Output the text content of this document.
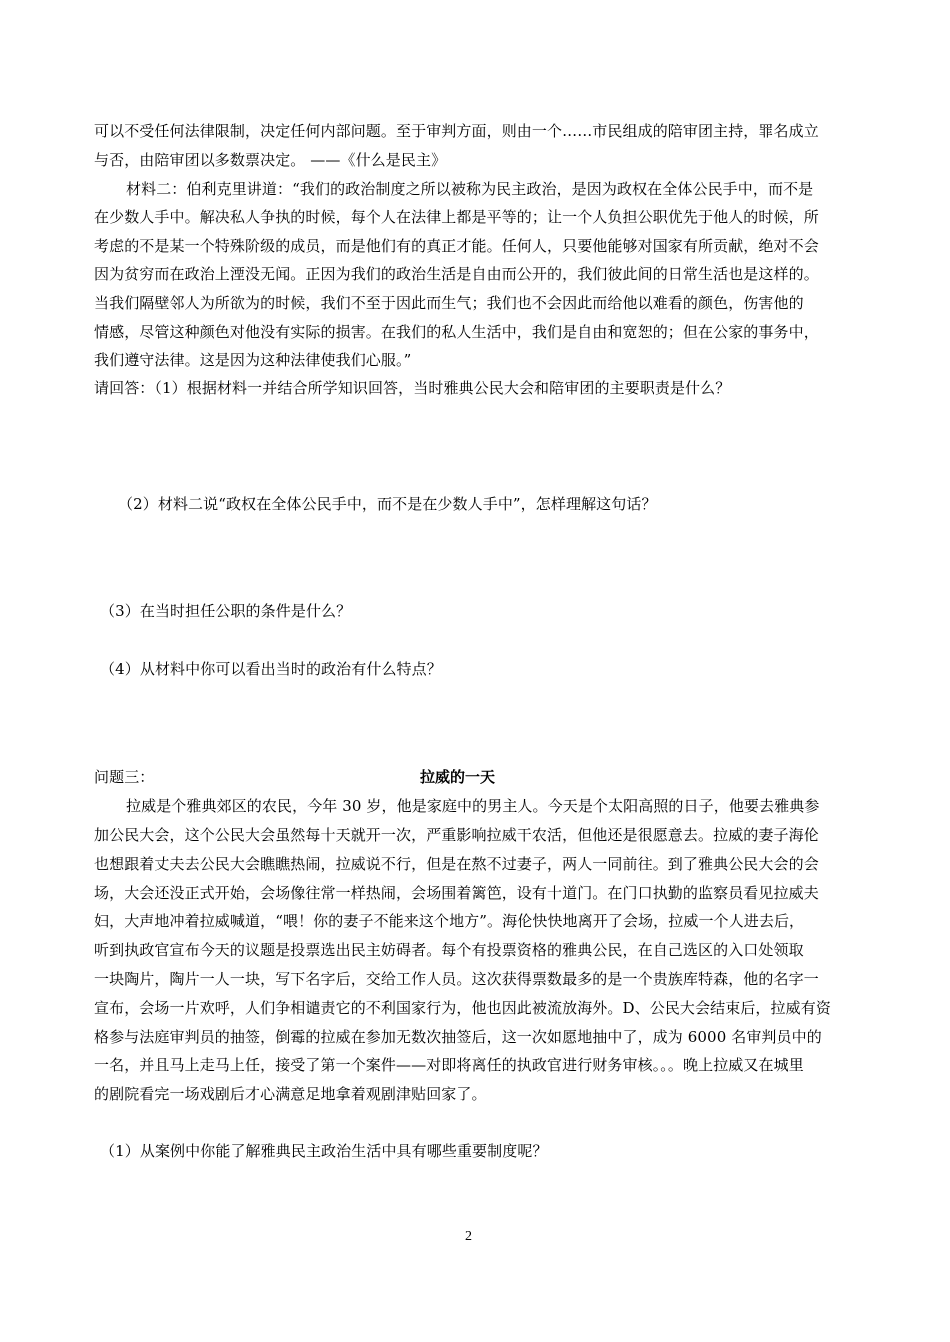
可以不受任何法律限制，决定任何内部问题。至于审判方面，则由一个……市民组成的陪审团主持，罪名成立
与否，由陪审团以多数票决定。 ——《什么是民主》
材料二：伯利克里讲道：“我们的政治制度之所以被称为民主政治，是因为政权在全体公民手中，而不是
在少数人手中。解决私人争执的时候，每个人在法律上都是平等的；让一个人负担公职优先于他人的时候，所
考虑的不是某一个特殊阶级的成员，而是他们有的真正才能。任何人，只要他能够对国家有所贡献，绝对不会
因为贫穷而在政治上湮没无闻。正因为我们的政治生活是自由而公开的，我们彼此间的日常生活也是这样的。
当我们隔壁邻人为所欲为的时候，我们不至于因此而生气；我们也不会因此而给他以难看的颜色，伤害他的
情感，尽管这种颜色对他没有实际的损害。在我们的私人生活中，我们是自由和宽恕的；但在公家的事务中，
我们遵守法律。这是因为这种法律使我们心服。”
请回答：（1）根据材料一并结合所学知识回答，当时雅典公民大会和陪审团的主要职责是什么？
（2）材料二说“政权在全体公民手中，而不是在少数人手中”，怎样理解这句话？
（3）在当时担任公职的条件是什么？
（4）从材料中你可以看出当时的政治有什么特点？
问题三：	拉威的一天
拉威是个雅典郊区的农民，今年 30 岁，他是家庭中的男主人。今天是个太阳高照的日子，他要去雅典参
加公民大会，这个公民大会虽然每十天就开一次，严重影响拉威干农活，但他还是很愿意去。拉威的妻子海伦
也想跟着丈夫去公民大会瞧瞧热闹，拉威说不行，但是在熬不过妻子，两人一同前往。到了雅典公民大会的会
场，大会还没正式开始，会场像往常一样热闹，会场围着篱笆，设有十道门。在门口执勤的监察员看见拉威夫
妇，大声地冲着拉威喊道，“喂！你的妻子不能来这个地方”。海伦快快地离开了会场，拉威一个人进去后，
听到执政官宣布今天的议题是投票选出民主妨碍者。每个有投票资格的雅典公民，在自己选区的入口处领取
一块陶片，陶片一人一块，写下名字后，交给工作人员。这次获得票数最多的是一个贵族库特森，他的名字一
宣布，会场一片欢呼，人们争相谴责它的不利国家行为，他也因此被流放海外。D、公民大会结束后，拉威有资
格参与法庭审判员的抽签，倒霉的拉威在参加无数次抽签后，这一次如愿地抽中了，成为 6000 名审判员中的
一名，并且马上走马上任，接受了第一个案件——对即将离任的执政官进行财务审核。。。晚上拉威又在城里
的剧院看完一场戏剧后才心满意足地拿着观剧津贴回家了。
（1）从案例中你能了解雅典民主政治生活中具有哪些重要制度呢？
2
